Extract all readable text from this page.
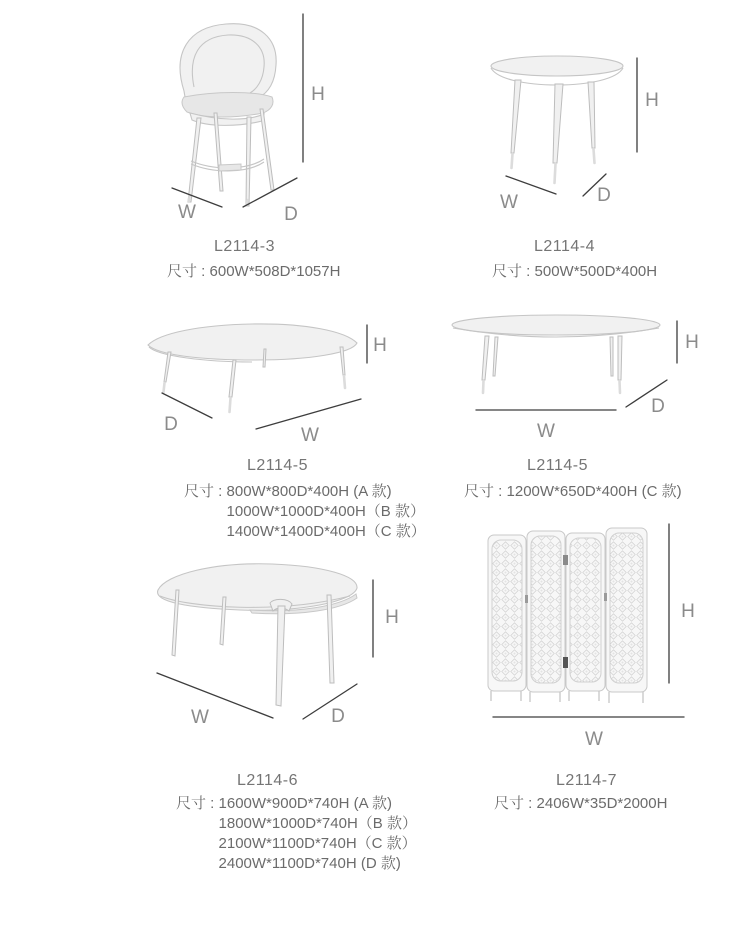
H
W	D
H
W	D
H
D
W
H
W
D
H
W	D
H
W
L2114-3
尺寸 : 600W*508D*1057H
L2114-4
尺寸 : 500W*500D*400H
L2114-5
尺寸 : 800W*800D*400H (A 款)
1000W*1000D*400H（B 款）
1400W*1400D*400H（C 款）
L2114-5
尺寸 : 1200W*650D*400H (C 款)
L2114-6
尺寸 : 1600W*900D*740H (A 款)
1800W*1000D*740H（B 款）
2100W*1100D*740H（C 款）
2400W*1100D*740H (D 款)
L2114-7
尺寸 : 2406W*35D*2000H
